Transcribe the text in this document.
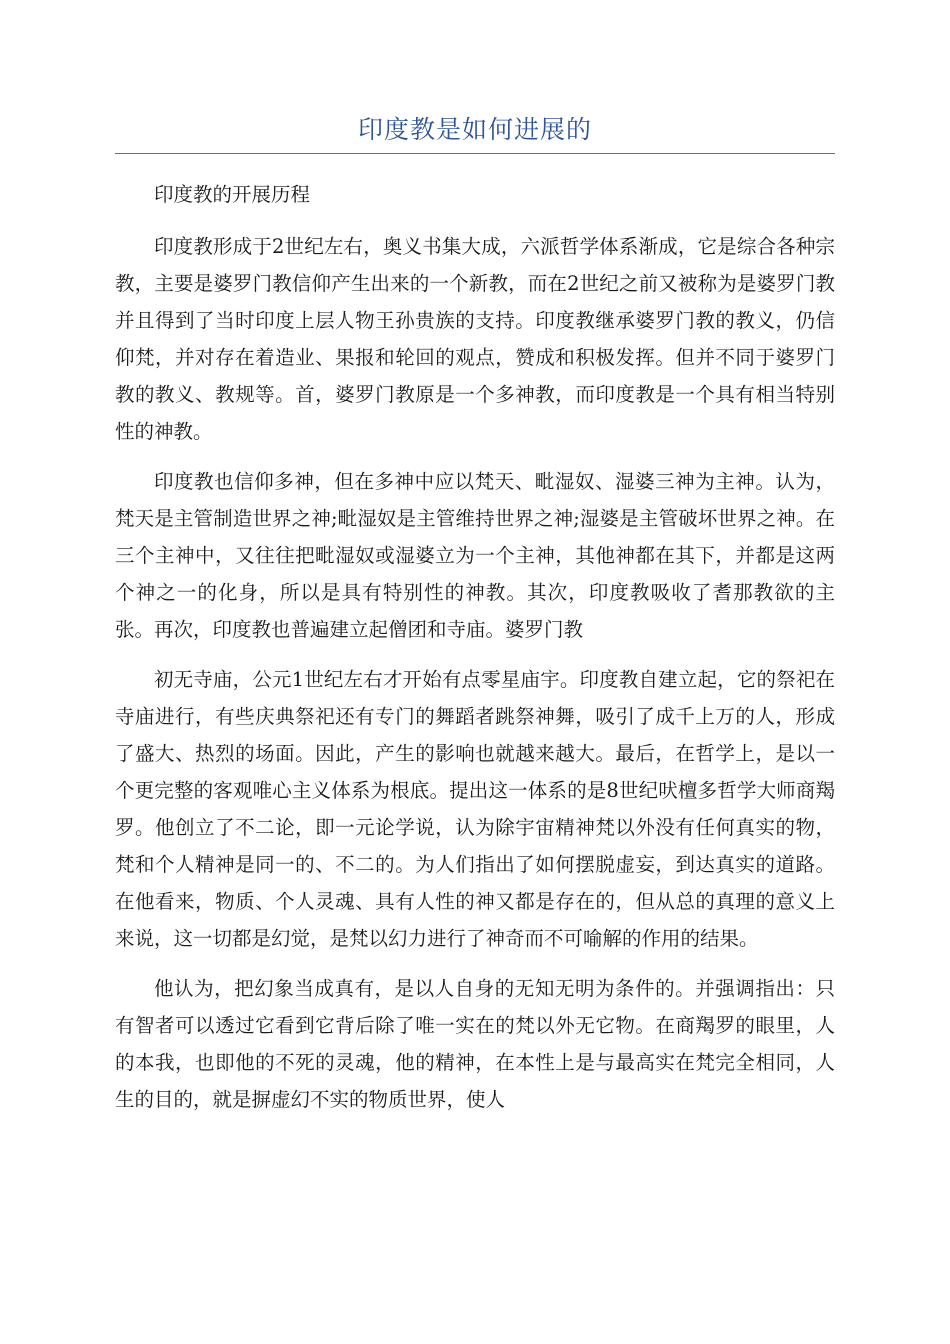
印度教是如何进展的

印度教的开展历程

印度教形成于2世纪左右，奥义书集大成，六派哲学体系渐成，它是综合各种宗教，主要是婆罗门教信仰产生出来的一个新教，而在2世纪之前又被称为是婆罗门教并且得到了当时印度上层人物王孙贵族的支持。印度教继承婆罗门教的教义，仍信仰梵，并对存在着造业、果报和轮回的观点，赞成和积极发挥。但并不同于婆罗门教的教义、教规等。首，婆罗门教原是一个多神教，而印度教是一个具有相当特别性的神教。

印度教也信仰多神，但在多神中应以梵天、毗湿奴、湿婆三神为主神。认为，梵天是主管制造世界之神;毗湿奴是主管维持世界之神;湿婆是主管破坏世界之神。在三个主神中，又往往把毗湿奴或湿婆立为一个主神，其他神都在其下，并都是这两个神之一的化身，所以是具有特别性的神教。其次，印度教吸收了耆那教欲的主张。再次，印度教也普遍建立起僧团和寺庙。婆罗门教

初无寺庙，公元1世纪左右才开始有点零星庙宇。印度教自建立起，它的祭祀在寺庙进行，有些庆典祭祀还有专门的舞蹈者跳祭神舞，吸引了成千上万的人，形成了盛大、热烈的场面。因此，产生的影响也就越来越大。最后，在哲学上，是以一个更完整的客观唯心主义体系为根底。提出这一体系的是8世纪吠檀多哲学大师商羯罗。他创立了不二论，即一元论学说，认为除宇宙精神梵以外没有任何真实的物，梵和个人精神是同一的、不二的。为人们指出了如何摆脱虚妄，到达真实的道路。在他看来，物质、个人灵魂、具有人性的神又都是存在的，但从总的真理的意义上来说，这一切都是幻觉，是梵以幻力进行了神奇而不可喻解的作用的结果。

他认为，把幻象当成真有，是以人自身的无知无明为条件的。并强调指出：只有智者可以透过它看到它背后除了唯一实在的梵以外无它物。在商羯罗的眼里，人的本我，也即他的不死的灵魂，他的精神，在本性上是与最高实在梵完全相同，人生的目的，就是摒虚幻不实的物质世界，使人
